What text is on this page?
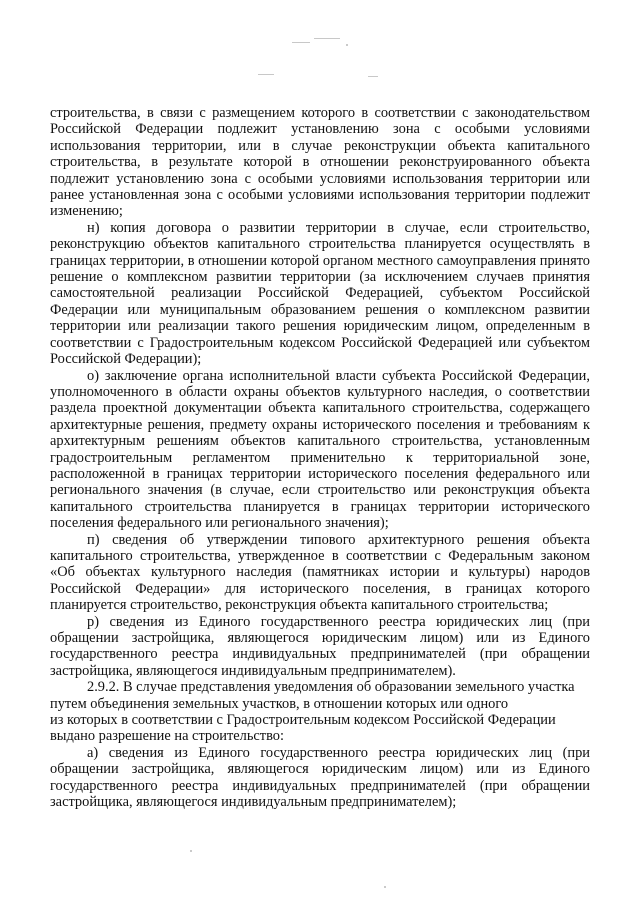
строительства, в связи с размещением которого в соответствии с законодательством Российской Федерации подлежит установлению зона с особыми условиями использования территории, или в случае реконструкции объекта капитального строительства, в результате которой в отношении реконструированного объекта подлежит установлению зона с особыми условиями использования территории или ранее установленная зона с особыми условиями использования территории подлежит изменению;

н) копия договора о развитии территории в случае, если строительство, реконструкцию объектов капитального строительства планируется осуществлять в границах территории, в отношении которой органом местного самоуправления принято решение о комплексном развитии территории (за исключением случаев принятия самостоятельной реализации Российской Федерацией, субъектом Российской Федерации или муниципальным образованием решения о комплексном развитии территории или реализации такого решения юридическим лицом, определенным в соответствии с Градостроительным кодексом Российской Федерацией или субъектом Российской Федерации);

о) заключение органа исполнительной власти субъекта Российской Федерации, уполномоченного в области охраны объектов культурного наследия, о соответствии раздела проектной документации объекта капитального строительства, содержащего архитектурные решения, предмету охраны исторического поселения и требованиям к архитектурным решениям объектов капитального строительства, установленным градостроительным регламентом применительно к территориальной зоне, расположенной в границах территории исторического поселения федерального или регионального значения (в случае, если строительство или реконструкция объекта капитального строительства планируется в границах территории исторического поселения федерального или регионального значения);

п) сведения об утверждении типового архитектурного решения объекта капитального строительства, утвержденное в соответствии с Федеральным законом «Об объектах культурного наследия (памятниках истории и культуры) народов Российской Федерации» для исторического поселения, в границах которого планируется строительство, реконструкция объекта капитального строительства;

р) сведения из Единого государственного реестра юридических лиц (при обращении застройщика, являющегося юридическим лицом) или из Единого государственного реестра индивидуальных предпринимателей (при обращении застройщика, являющегося индивидуальным предпринимателем).

2.9.2. В случае представления уведомления об образовании земельного участка путем объединения земельных участков, в отношении которых или одного

из которых в соответствии с Градостроительным кодексом Российской Федерации выдано разрешение на строительство:

а) сведения из Единого государственного реестра юридических лиц (при обращении застройщика, являющегося юридическим лицом) или из Единого государственного реестра индивидуальных предпринимателей (при обращении застройщика, являющегося индивидуальным предпринимателем);
